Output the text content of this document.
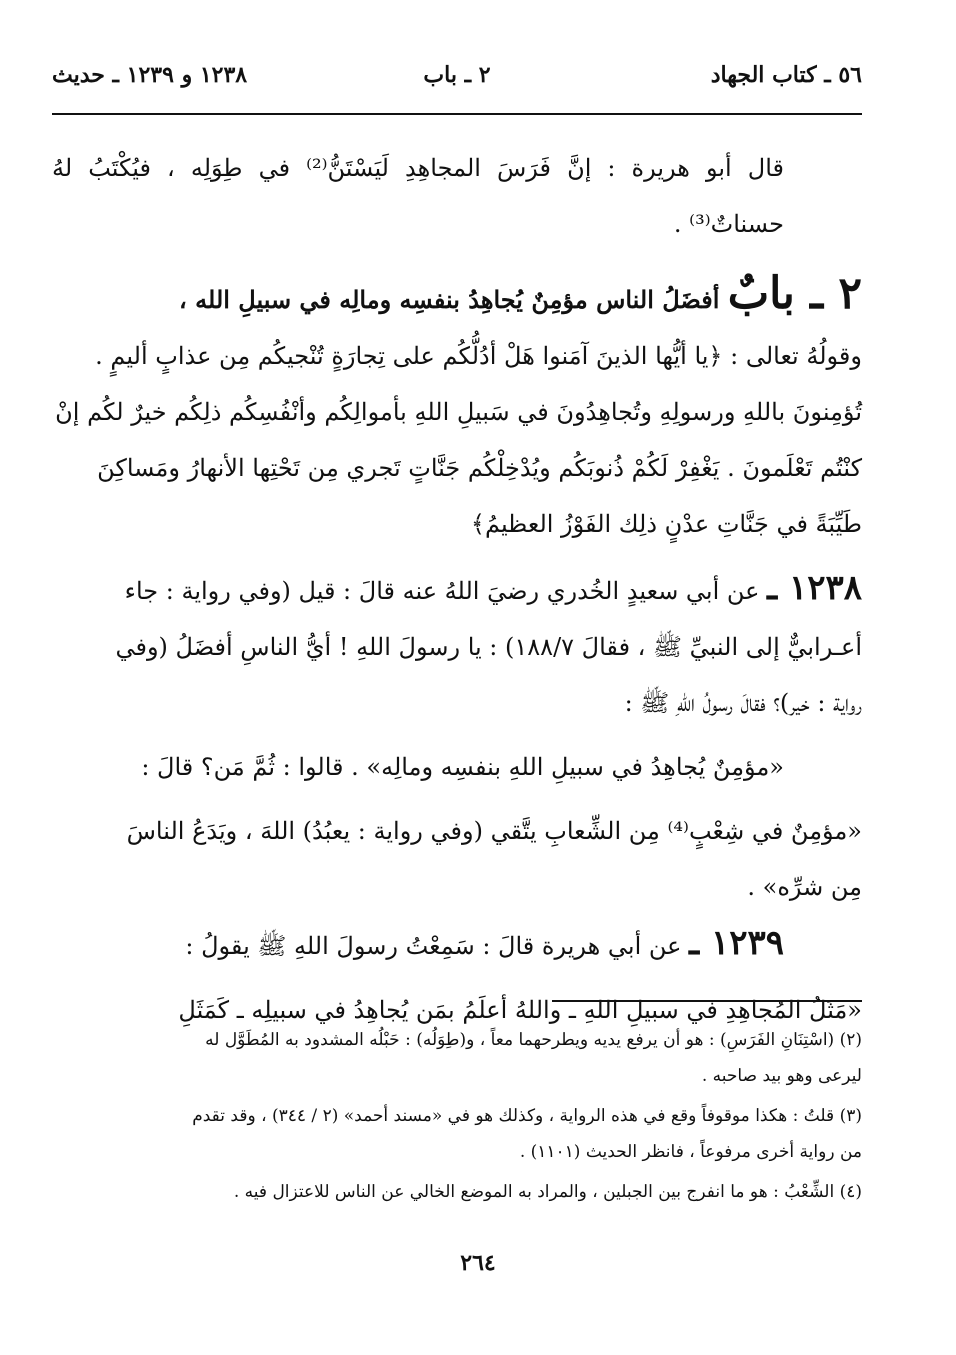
٥٦ ـ كتاب الجهاد
٢ ـ باب
١٢٣٨ و ١٢٣٩ ـ حديث

قال أبو هريرة : إنَّ فَرَسَ المجاهِدِ لَيَسْتَنُّ⁽²⁾ في طِوَلِه ، فيُكْتَبُ لهُ حسناتٌ⁽³⁾ .

٢ ـ بابٌ أفضَلُ الناس مؤمِنٌ يُجاهِدُ بنفسِه ومالِه في سبيلِ الله ،

وقولُهُ تعالى : ﴿يا أيُّها الذينَ آمَنوا هَلْ أدُلُّكُم على تِجارَةٍ تُنْجيكُم مِن عذابٍ أليمٍ .

تُؤمِنونَ باللهِ ورسولِهِ وتُجاهِدُونَ في سَبيلِ اللهِ بأموالِكُم وأنْفُسِكُم ذلِكُم خيرٌ لكُم إنْ

كنْتُم تَعْلَمونَ . يَغْفِرْ لَكُمْ ذُنوبَكُم ويُدْخِلْكُم جَنَّاتٍ تَجري مِن تَحْتِها الأنهارُ ومَساكِنَ

طَيِّبَةً في جَنَّاتِ عدْنٍ ذلِك الفَوْزُ العظيمُ﴾

١٢٣٨ ـ عن أبي سعيدٍ الخُدري رضيَ اللهُ عنه قالَ : قيل (وفي رواية : جاء

أعـرابيٌّ إلى النبيِّ ﷺ ، فقالَ ١٨٨/٧) : يا رسولَ اللهِ ! أيُّ الناسِ أفضَلُ (وفي

رواية : خير)؟ فقالَ رسولُ اللهِ ﷺ :

«مؤمِنٌ يُجاهِدُ في سبيلِ اللهِ بنفسِه ومالِه» . قالوا : ثُمَّ مَن؟ قالَ :

«مؤمِنٌ في شِعْبٍ⁽⁴⁾ مِن الشِّعابِ يتَّقي (وفي رواية : يعبُدُ) اللهَ ، ويَدَعُ الناسَ

مِن شرِّه» .

١٢٣٩ ـ عن أبي هريرة قالَ : سَمِعْتُ رسولَ اللهِ ﷺ يقولُ :

«مَثَلُ المُجاهِدِ في سبيلِ اللهِ ـ واللهُ أعلَمُ بمَن يُجاهِدُ في سبيلِه ـ كَمَثَلِ

(٢) (اسْتِنَانِ الفَرَسِ) : هو أن يرفع يديه ويطرحهما معاً ، و(طِوَلُه) : حَبْلُه المشدود به المُطَوَّل له
ليرعى وهو بيد صاحبه .

(٣) قلتُ : هكذا موقوفاً وقع في هذه الرواية ، وكذلك هو في «مسند أحمد» (٢ / ٣٤٤) ، وقد تقدم
من رواية أخرى مرفوعاً ، فانظر الحديث (١١٠١) .

(٤) الشِّعْبُ : هو ما انفرج بين الجبلين ، والمراد به الموضع الخالي عن الناس للاعتزال فيه .

٢٦٤
